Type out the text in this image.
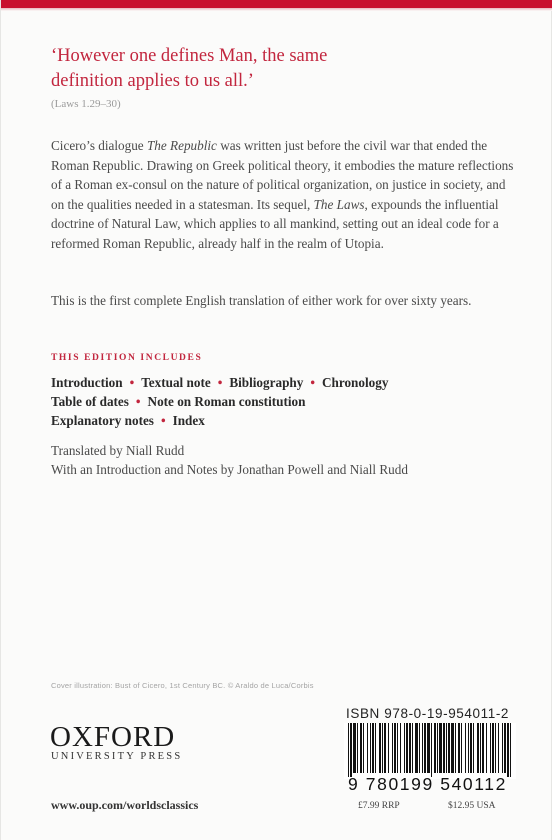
‘However one defines Man, the same
definition applies to us all.’
(Laws 1.29–30)
Cicero’s dialogue The Republic was written just before the civil war that ended the Roman Republic. Drawing on Greek political theory, it embodies the mature reflections of a Roman ex-consul on the nature of political organization, on justice in society, and on the qualities needed in a statesman. Its sequel, The Laws, expounds the influential doctrine of Natural Law, which applies to all mankind, setting out an ideal code for a reformed Roman Republic, already half in the realm of Utopia.
This is the first complete English translation of either work for over sixty years.
THIS EDITION INCLUDES
Introduction • Textual note • Bibliography • Chronology
Table of dates • Note on Roman constitution
Explanatory notes • Index
Translated by Niall Rudd
With an Introduction and Notes by Jonathan Powell and Niall Rudd
Cover illustration: Bust of Cicero, 1st Century BC. © Araldo de Luca/Corbis
OXFORD
UNIVERSITY PRESS
www.oup.com/worldsclassics
ISBN 978-0-19-954011-2
9 780199 540112
£7.99 RRP	$12.95 USA
